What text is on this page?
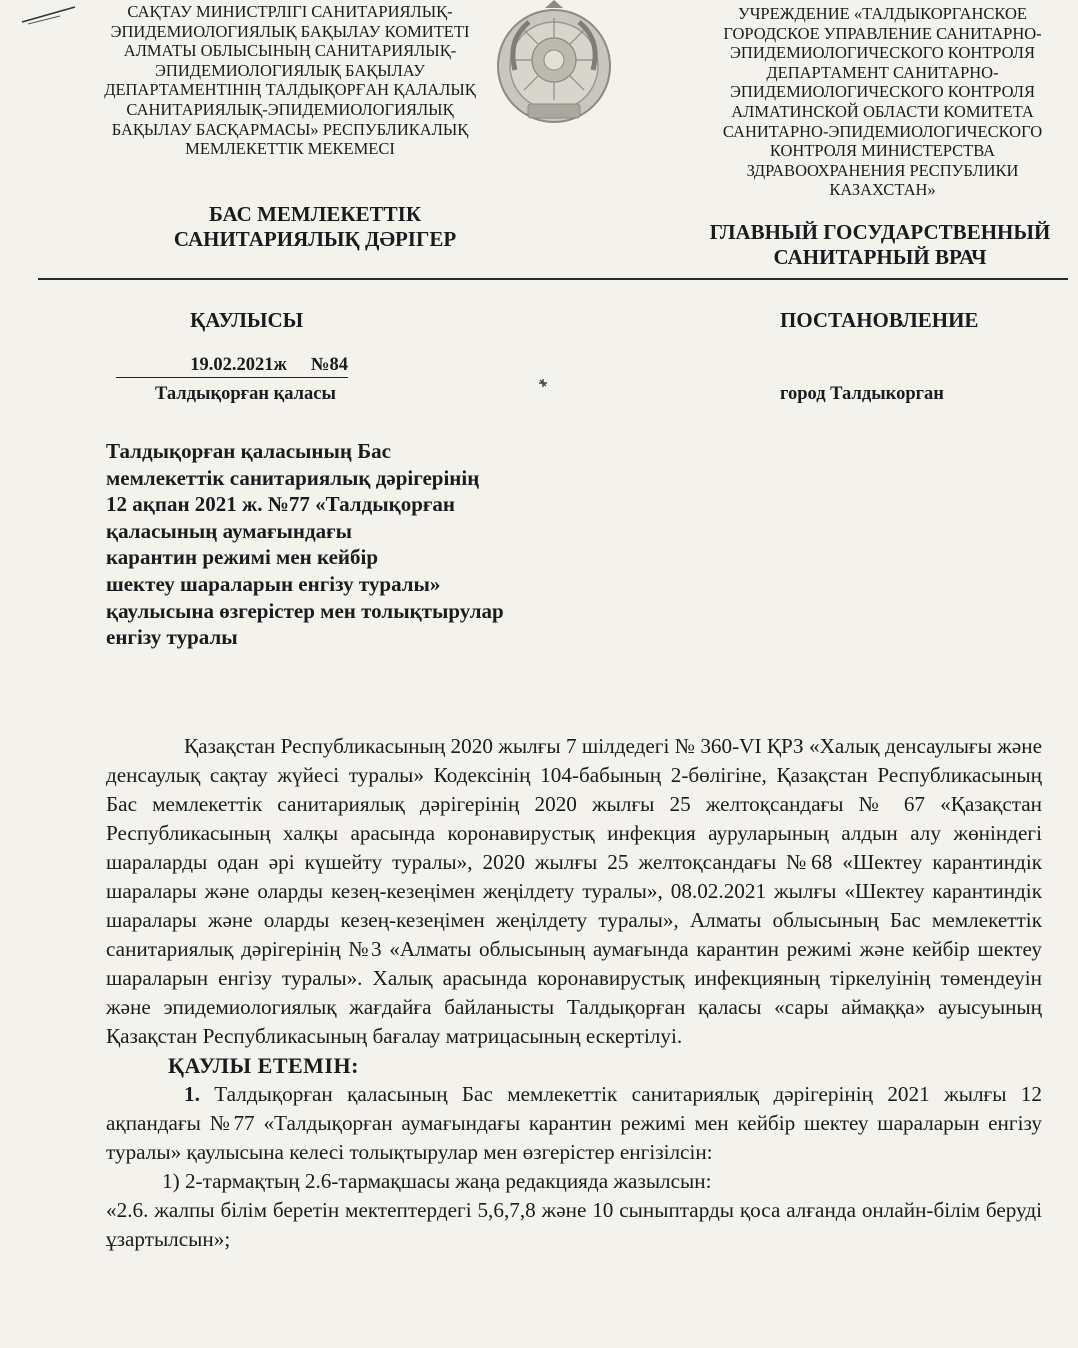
САҚТАУ МИНИСТРЛІГІ САНИТАРИЯЛЫҚ-
ЭПИДЕМИОЛОГИЯЛЫҚ БАҚЫЛАУ КОМИТЕТІ
АЛМАТЫ ОБЛЫСЫНЫҢ САНИТАРИЯЛЫҚ-
ЭПИДЕМИОЛОГИЯЛЫҚ БАҚЫЛАУ
ДЕПАРТАМЕНТІНІҢ ТАЛДЫҚОРҒАН ҚАЛАЛЫҚ
САНИТАРИЯЛЫҚ-ЭПИДЕМИОЛОГИЯЛЫҚ
БАҚЫЛАУ БАСҚАРМАСЫ» РЕСПУБЛИКАЛЫҚ
МЕМЛЕКЕТТІК МЕКЕМЕСІ
УЧРЕЖДЕНИЕ «ТАЛДЫКОРГАНСКОЕ
ГОРОДСКОЕ УПРАВЛЕНИЕ САНИТАРНО-
ЭПИДЕМИОЛОГИЧЕСКОГО КОНТРОЛЯ
ДЕПАРТАМЕНТ САНИТАРНО-
ЭПИДЕМИОЛОГИЧЕСКОГО КОНТРОЛЯ
АЛМАТИНСКОЙ ОБЛАСТИ КОМИТЕТА
САНИТАРНО-ЭПИДЕМИОЛОГИЧЕСКОГО
КОНТРОЛЯ МИНИСТЕРСТВА
ЗДРАВООХРАНЕНИЯ РЕСПУБЛИКИ
КАЗАХСТАН»
БАС МЕМЛЕКЕТТІК
САНИТАРИЯЛЫҚ ДӘРІГЕР	ГЛАВНЫЙ ГОСУДАРСТВЕННЫЙ
САНИТАРНЫЙ ВРАЧ
ҚАУЛЫСЫ	ПОСТАНОВЛЕНИЕ
19.02.2021ж №84
Талдықорған қаласы	город Талдыкорган
Талдықорған қаласының Бас
мемлекеттік санитариялық дәрігерінің
12 ақпан 2021 ж. №77 «Талдықорған
қаласының аумағындағы
карантин режимі мен кейбір
шектеу шараларын енгізу туралы»
қаулысына өзгерістер мен толықтырулар
енгізу туралы

Қазақстан Республикасының 2020 жылғы 7 шілдедегі № 360-VI ҚРЗ «Халық денсаулығы және денсаулық сақтау жүйесі туралы» Кодексінің 104-бабының 2-бөлігіне, Қазақстан Республикасының Бас мемлекеттік санитариялық дәрігерінің 2020 жылғы 25 желтоқсандағы № 67 «Қазақстан Республикасының халқы арасында коронавирустық инфекция ауруларының алдын алу жөніндегі шараларды одан әрі күшейту туралы», 2020 жылғы 25 желтоқсандағы №68 «Шектеу карантиндік шаралары және оларды кезең-кезеңімен жеңілдету туралы», 08.02.2021 жылғы «Шектеу карантиндік шаралары және оларды кезең-кезеңімен жеңілдету туралы», Алматы облысының Бас мемлекеттік санитариялық дәрігерінің №3 «Алматы облысының аумағында карантин режимі және кейбір шектеу шараларын енгізу туралы». Халық арасында коронавирустық инфекцияның тіркелуінің төмендеуін және эпидемиологиялық жағдайға байланысты Талдықорған қаласы «сары аймаққа» ауысуының Қазақстан Республикасының бағалау матрицасының ескертілуі.

ҚАУЛЫ ЕТЕМІН:

1. Талдықорған қаласының Бас мемлекеттік санитариялық дәрігерінің 2021 жылғы 12 ақпандағы №77 «Талдықорған аумағындағы карантин режимі мен кейбір шектеу шараларын енгізу туралы» қаулысына келесі толықтырулар мен өзгерістер енгізілсін:

1) 2-тармақтың 2.6-тармақшасы жаңа редакцияда жазылсын:

«2.6. жалпы білім беретін мектептердегі 5,6,7,8 және 10 сыныптарды қоса алғанда онлайн-білім беруді ұзартылсын»;
